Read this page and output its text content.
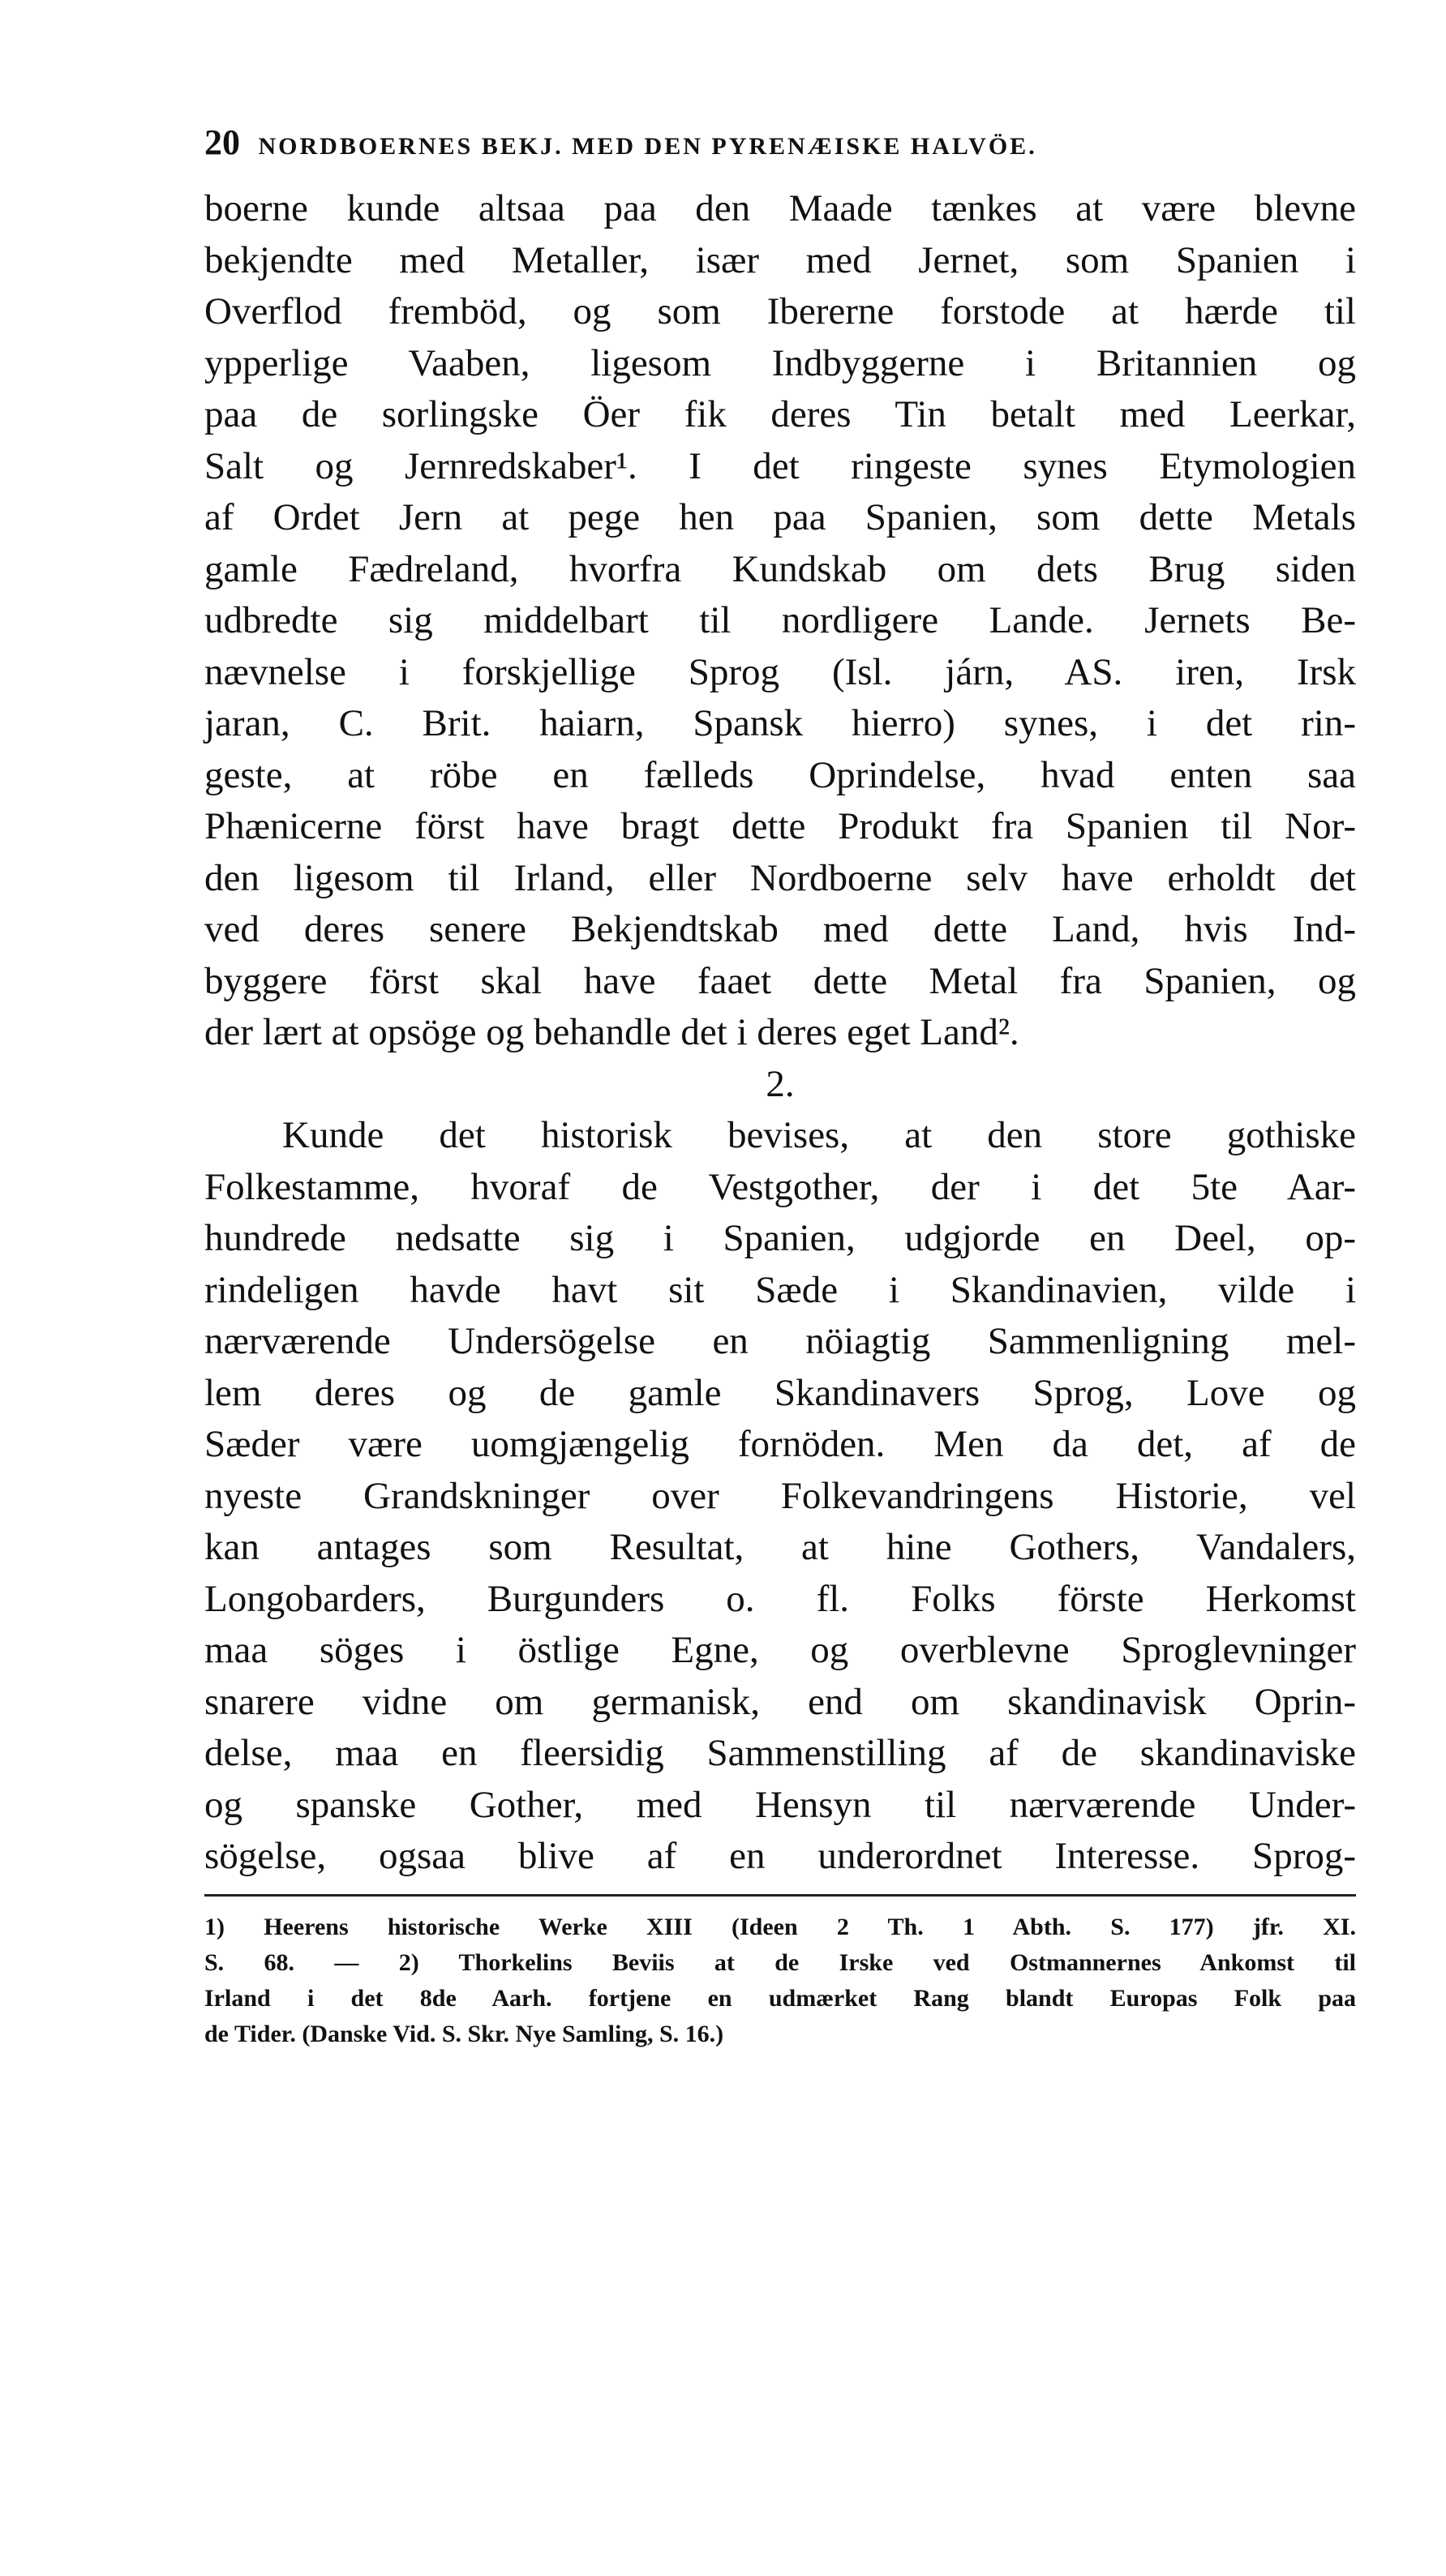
20 NORDBOERNES BEKJ. MED DEN PYRENÆISKE HALVÖE.
boerne kunde altsaa paa den Maade tænkes at være blevne
bekjendte med Metaller, især med Jernet, som Spanien i
Overflod fremböd, og som Ibererne forstode at hærde til
ypperlige Vaaben, ligesom Indbyggerne i Britannien og
paa de sorlingske Öer fik deres Tin betalt med Leerkar,
Salt og Jernredskaber¹. I det ringeste synes Etymologien
af Ordet Jern at pege hen paa Spanien, som dette Metals
gamle Fædreland, hvorfra Kundskab om dets Brug siden
udbredte sig middelbart til nordligere Lande. Jernets Be-
nævnelse i forskjellige Sprog (Isl. járn, AS. iren, Irsk
jaran, C. Brit. haiarn, Spansk hierro) synes, i det rin-
geste, at röbe en fælleds Oprindelse, hvad enten saa
Phænicerne först have bragt dette Produkt fra Spanien til Nor-
den ligesom til Irland, eller Nordboerne selv have erholdt det
ved deres senere Bekjendtskab med dette Land, hvis Ind-
byggere först skal have faaet dette Metal fra Spanien, og
der lært at opsöge og behandle det i deres eget Land².
2.
Kunde det historisk bevises, at den store gothiske
Folkestamme, hvoraf de Vestgother, der i det 5te Aar-
hundrede nedsatte sig i Spanien, udgjorde en Deel, op-
rindeligen havde havt sit Sæde i Skandinavien, vilde i
nærværende Undersögelse en nöiagtig Sammenligning mel-
lem deres og de gamle Skandinavers Sprog, Love og
Sæder være uomgjængelig fornöden. Men da det, af de
nyeste Grandskninger over Folkevandringens Historie, vel
kan antages som Resultat, at hine Gothers, Vandalers,
Longobarders, Burgunders o. fl. Folks förste Herkomst
maa söges i östlige Egne, og overblevne Sproglevninger
snarere vidne om germanisk, end om skandinavisk Oprin-
delse, maa en fleersidig Sammenstilling af de skandinaviske
og spanske Gother, med Hensyn til nærværende Under-
sögelse, ogsaa blive af en underordnet Interesse. Sprog-
1) Heerens historische Werke XIII (Ideen 2 Th. 1 Abth. S. 177) jfr. XI.
S. 68. — 2) Thorkelins Beviis at de Irske ved Ostmannernes Ankomst til
Irland i det 8de Aarh. fortjene en udmærket Rang blandt Europas Folk paa
de Tider. (Danske Vid. S. Skr. Nye Samling, S. 16.)
